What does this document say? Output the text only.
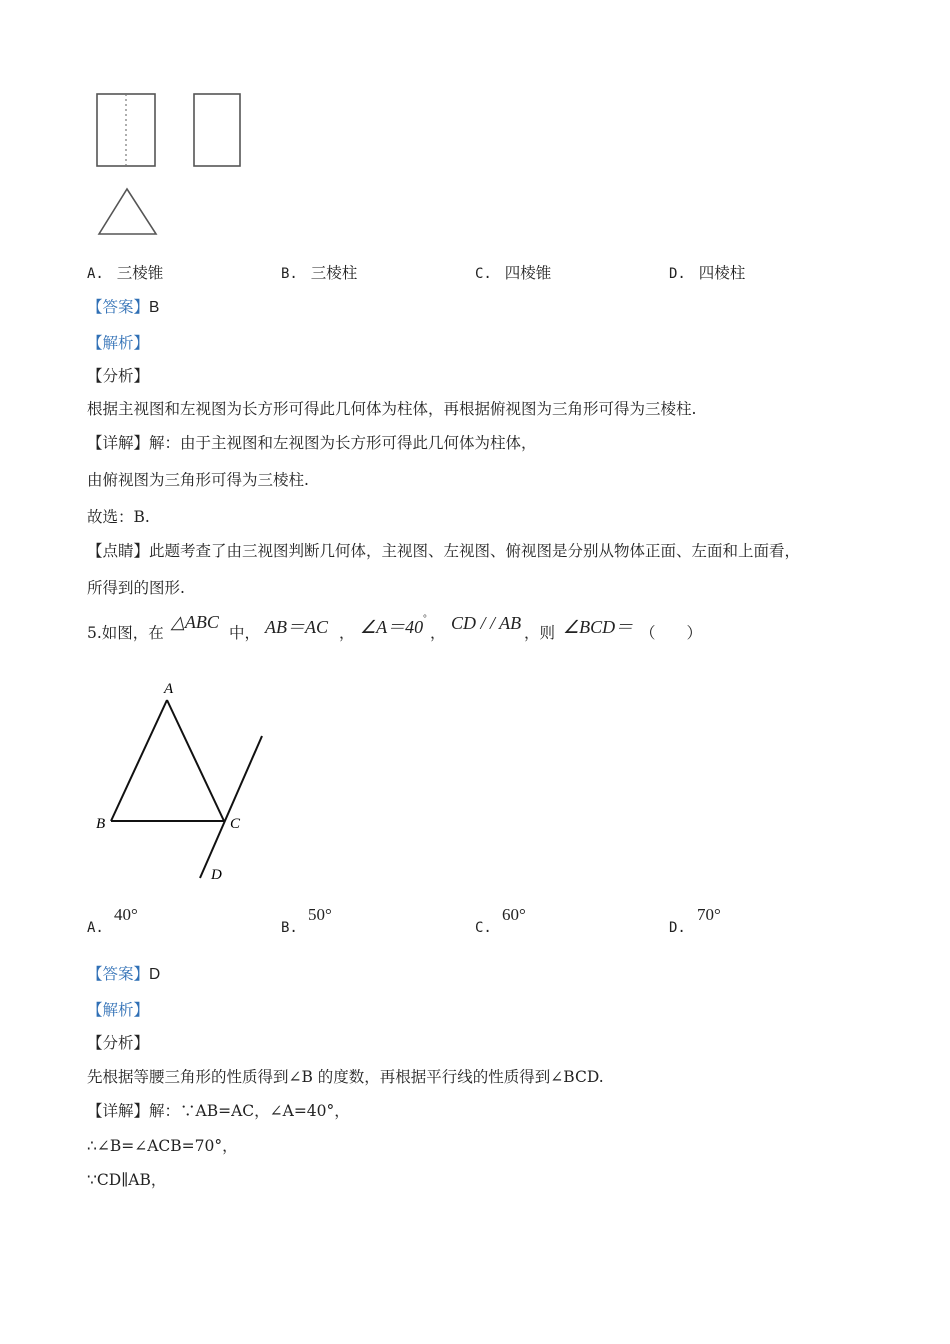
A. 三棱锥	B. 三棱柱	C. 四棱锥	D. 四棱柱
【答案】B
【解析】
【分析】
根据主视图和左视图为长方形可得此几何体为柱体，再根据俯视图为三角形可得为三棱柱.
【详解】解：由于主视图和左视图为长方形可得此几何体为柱体，
由俯视图为三角形可得为三棱柱.
故选：B.
【点睛】此题考查了由三视图判断几何体，主视图、左视图、俯视图是分别从物体正面、左面和上面看，
所得到的图形.
5.如图，在
△ABC
中， AB＝AC ， ∠A＝40°
， CD / / AB ，则 ∠BCD＝ （　　）
A
B	C
D
A.
40°
B.
50°
C.
60°
D.
70°
【答案】D
【解析】
【分析】
先根据等腰三角形的性质得到∠B 的度数，再根据平行线的性质得到∠BCD.
【详解】解：∵AB=AC，∠A=40°，
∴∠B=∠ACB=70°，
∵CD∥AB，
